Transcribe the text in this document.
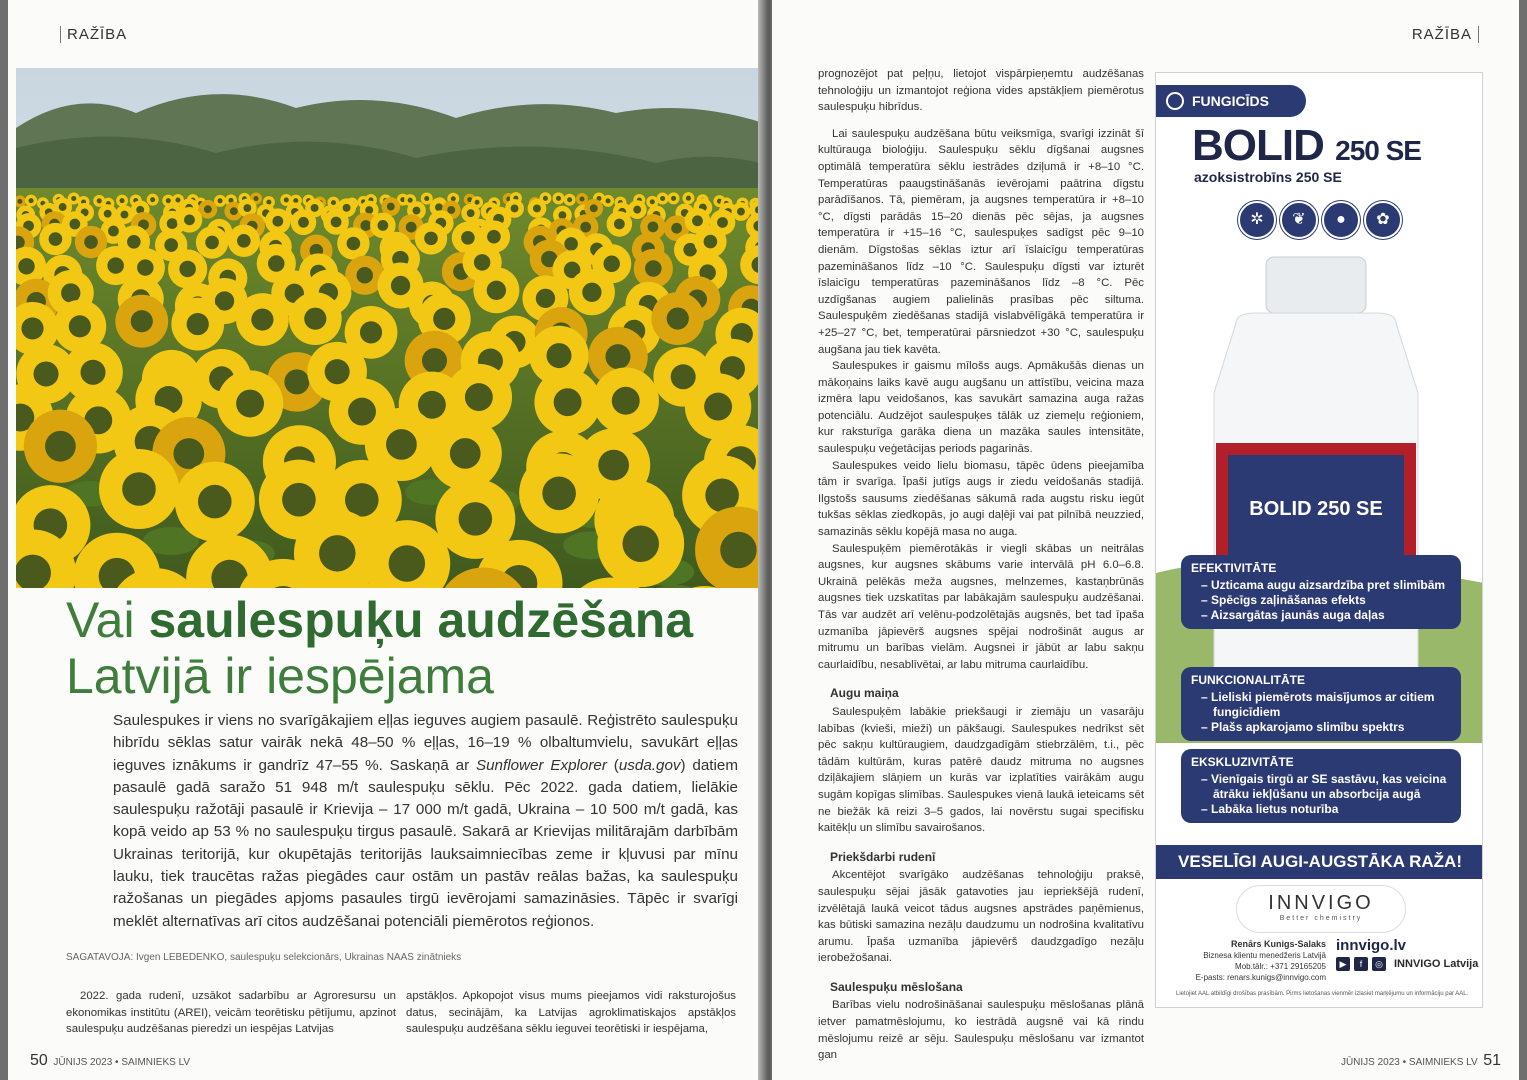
RAŽĪBA
Vai saulespuķu audzēšana
Latvijā ir iespējama
Saulespukes ir viens no svarīgākajiem eļļas ieguves augiem pasaulē. Reģistrēto saulespuķu hibrīdu sēklas satur vairāk nekā 48–50 % eļļas, 16–19 % olbaltumvielu, savukārt eļļas ieguves iznākums ir gandrīz 47–55 %. Saskaņā ar Sunflower Explorer (usda.gov) datiem pasaulē gadā saražo 51 948 m/t saulespuķu sēklu. Pēc 2022. gada datiem, lielākie saulespuķu ražotāji pasaulē ir Krievija – 17 000 m/t gadā, Ukraina – 10 500 m/t gadā, kas kopā veido ap 53 % no saulespuķu tirgus pasaulē. Sakarā ar Krievijas militārajām darbībām Ukrainas teritorijā, kur okupētajās teritorijās lauksaimniecības zeme ir kļuvusi par mīnu lauku, tiek traucētas ražas piegādes caur ostām un pastāv reālas bažas, ka saulespuķu ražošanas un piegādes apjoms pasaules tirgū ievērojami samazināsies. Tāpēc ir svarīgi meklēt alternatīvas arī citos audzēšanai potenciāli piemērotos reģionos.
SAGATAVOJA: Ivgen LEBEDENKO, saulespuķu selekcionārs, Ukrainas NAAS zinātnieks

2022. gada rudenī, uzsākot sadarbību ar Agroresursu un ekonomikas institūtu (AREI), veicām teorētisku pētījumu, apzinot saulespuķu audzēšanas pieredzi un iespējas Latvijas

apstākļos. Apkopojot visus mums pieejamos vidi raksturojošus datus, secinājām, ka Latvijas agroklimatiskajos apstākļos saulespuķu audzēšana sēklu ieguvei teorētiski ir iespējama,

50 JŪNIJS 2023 • SAIMNIEKS LV
RAŽĪBA

prognozējot pat peļņu, lietojot vispārpieņemtu audzēšanas tehnoloģiju un izmantojot reģiona vides apstākļiem piemērotus saulespuķu hibrīdus.

Lai saulespuķu audzēšana būtu veiksmīga, svarīgi izzināt šī kultūrauga bioloģiju. Saulespuķu sēklu dīgšanai augsnes optimālā temperatūra sēklu iestrādes dziļumā ir +8–10 °C. Temperatūras paaugstināšanās ievērojami paātrina dīgstu parādīšanos. Tā, piemēram, ja augsnes temperatūra ir +8–10 °C, dīgsti parādās 15–20 dienās pēc sējas, ja augsnes temperatūra ir +15–16 °C, saulespuķes sadīgst pēc 9–10 dienām. Dīgstošas sēklas iztur arī īslaicīgu temperatūras pazemināšanos līdz –10 °C. Saulespuķu dīgsti var izturēt īslaicīgu temperatūras pazemināšanos līdz –8 °C. Pēc uzdīgšanas augiem palielinās prasības pēc siltuma. Saulespuķēm ziedēšanas stadijā vislabvēlīgākā temperatūra ir +25–27 °C, bet, temperatūrai pārsniedzot +30 °C, saulespuķu augšana jau tiek kavēta.

Saulespukes ir gaismu mīlošs augs. Apmākušās dienas un mākoņains laiks kavē augu augšanu un attīstību, veicina maza izmēra lapu veidošanos, kas savukārt samazina auga ražas potenciālu. Audzējot saulespuķes tālāk uz ziemeļu reģioniem, kur raksturīga garāka diena un mazāka saules intensitāte, saulespuķu veģetācijas periods pagarinās.

Saulespukes veido lielu biomasu, tāpēc ūdens pieejamība tām ir svarīga. Īpaši jutīgs augs ir ziedu veidošanās stadijā. Ilgstošs sausums ziedēšanas sākumā rada augstu risku iegūt tukšas sēklas ziedkopās, jo augi daļēji vai pat pilnībā neuzzied, samazinās sēklu kopējā masa no auga.

Saulespuķēm piemērotākās ir viegli skābas un neitrālas augsnes, kur augsnes skābums varie intervālā pH 6.0–6.8. Ukrainā pelēkās meža augsnes, melnzemes, kastaņbrūnās augsnes tiek uzskatītas par labākajām saulespuķu audzēšanai. Tās var audzēt arī velēnu-podzolētajās augsnēs, bet tad īpaša uzmanība jāpievērš augsnes spējai nodrošināt augus ar mitrumu un barības vielām. Augsnei ir jābūt ar labu sakņu caurlaidību, nesablīvētai, ar labu mitruma caurlaidību.

Augu maiņa

Saulespuķēm labākie priekšaugi ir ziemāju un vasarāju labības (kvieši, mieži) un pākšaugi. Saulespukes nedrīkst sēt pēc sakņu kultūraugiem, daudzgadīgām stiebrzālēm, t.i., pēc tādām kultūrām, kuras patērē daudz mitruma no augsnes dziļākajiem slāņiem un kurās var izplatīties vairākām augu sugām kopīgas slimības. Saulespukes vienā laukā ieteicams sēt ne biežāk kā reizi 3–5 gados, lai novērstu sugai specifisku kaitēkļu un slimību savairošanos.

Priekšdarbi rudenī

Akcentējot svarīgāko audzēšanas tehnoloģiju praksē, saulespuķu sējai jāsāk gatavoties jau iepriekšējā rudenī, izvēlētajā laukā veicot tādus augsnes apstrādes paņēmienus, kas būtiski samazina nezāļu daudzumu un nodrošina kvalitatīvu arumu. Īpaša uzmanība jāpievērš daudzgadīgo nezāļu ierobežošanai.

Saulespuķu mēslošana

Barības vielu nodrošināšanai saulespuķu mēslošanas plānā ietver pamatmēslojumu, ko iestrādā augsnē vai kā rindu mēslojumu reizē ar sēju. Saulespuķu mēslošanu var izmantot gan

FUNGICĪDS
BOLID 250 SE
azoksistrobīns 250 SE
✲	❦	●	✿
BOLID 250 SE
EFEKTIVITĀTE
– Uzticama augu aizsardzība pret slimībām
– Spēcīgs zaļināšanas efekts
– Aizsargātas jaunās auga daļas
FUNKCIONALITĀTE
– Lieliski piemērots maisījumos ar citiem fungicīdiem
– Plašs apkarojamo slimību spektrs
EKSKLUZIVITĀTE
– Vienīgais tirgū ar SE sastāvu, kas veicina ātrāku iekļūšanu un absorbcija augā
– Labāka lietus noturība
VESELĪGI AUGI-AUGSTĀKA RAŽA!
INNVIGO
Better chemistry
Renārs Kunigs-Salaks
Biznesa klientu menedžeris Latvijā
Mob.tālr.: +371 29165205
E-pasts: renars.kunigs@innvigo.com
innvigo.lv
▶	f	◎ INNVIGO Latvija
Lietojiet AAL atbildīgi drošības prasībām. Pirms lietošanas vienmēr izlasiet marķējumu un informāciju par AAL.
JŪNIJS 2023 • SAIMNIEKS LV 51
